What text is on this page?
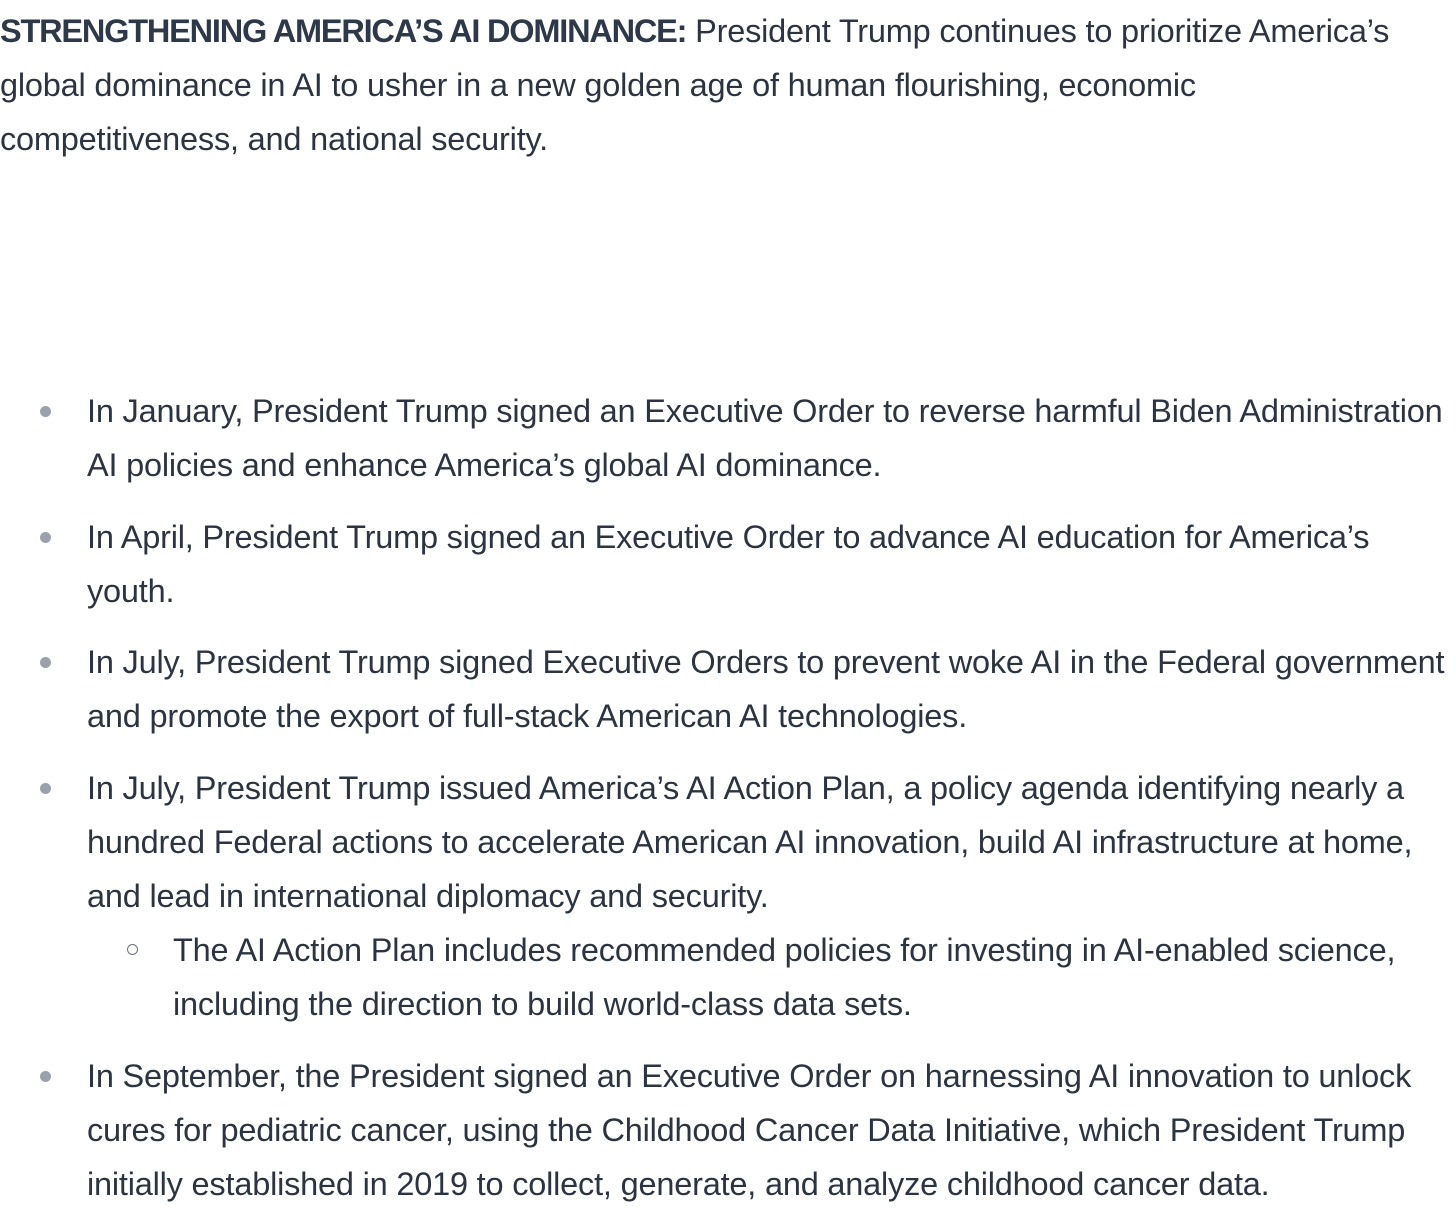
STRENGTHENING AMERICA’S AI DOMINANCE: President Trump continues to prioritize America’s global dominance in AI to usher in a new golden age of human flourishing, economic competitiveness, and national security.

In January, President Trump signed an Executive Order to reverse harmful Biden Administration AI policies and enhance America’s global AI dominance.
In April, President Trump signed an Executive Order to advance AI education for America’s youth.
In July, President Trump signed Executive Orders to prevent woke AI in the Federal government and promote the export of full-stack American AI technologies.
In July, President Trump issued America’s AI Action Plan, a policy agenda identifying nearly a hundred Federal actions to accelerate American AI innovation, build AI infrastructure at home, and lead in international diplomacy and security.
The AI Action Plan includes recommended policies for investing in AI-enabled science, including the direction to build world-class data sets.
In September, the President signed an Executive Order on harnessing AI innovation to unlock cures for pediatric cancer, using the Childhood Cancer Data Initiative, which President Trump initially established in 2019 to collect, generate, and analyze childhood cancer data.
